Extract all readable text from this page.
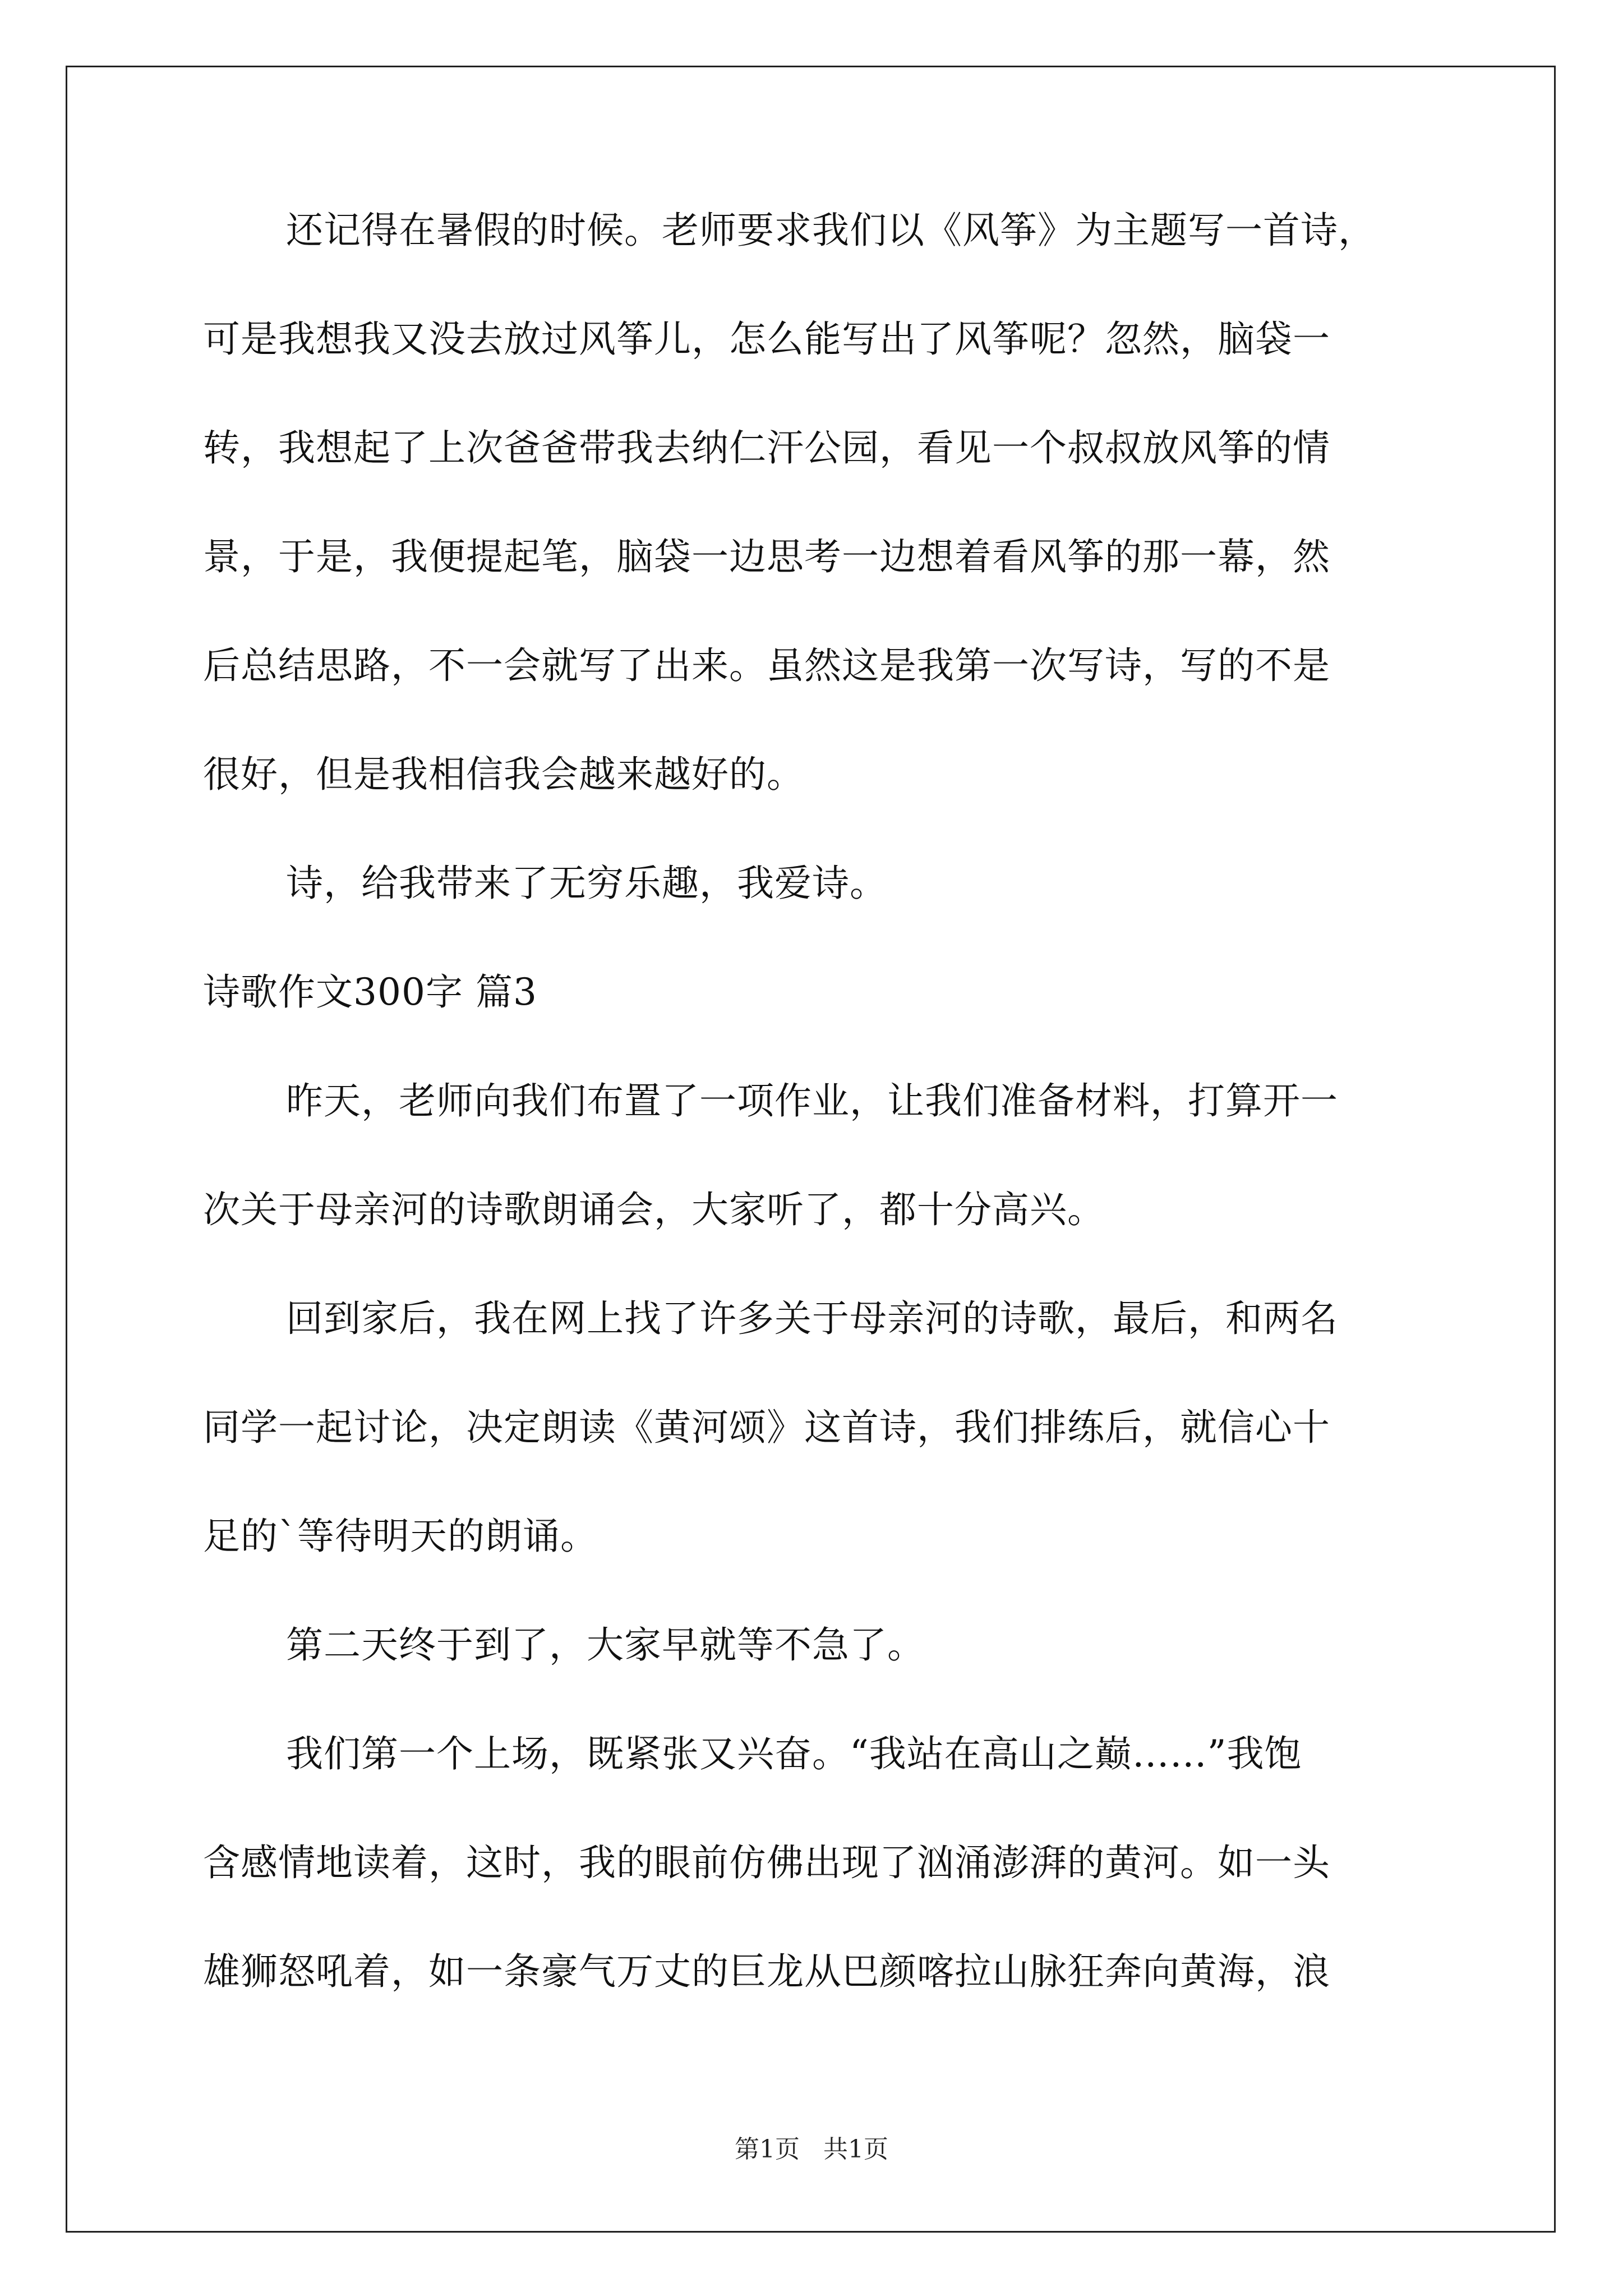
还记得在暑假的时候。老师要求我们以《风筝》为主题写一首诗，
可是我想我又没去放过风筝儿，怎么能写出了风筝呢？忽然，脑袋一
转，我想起了上次爸爸带我去纳仁汗公园，看见一个叔叔放风筝的情
景，于是，我便提起笔，脑袋一边思考一边想着看风筝的那一幕，然
后总结思路，不一会就写了出来。虽然这是我第一次写诗，写的不是
很好，但是我相信我会越来越好的。
诗，给我带来了无穷乐趣，我爱诗。
诗歌作文300字 篇3
昨天，老师向我们布置了一项作业，让我们准备材料，打算开一
次关于母亲河的诗歌朗诵会，大家听了，都十分高兴。
回到家后，我在网上找了许多关于母亲河的诗歌，最后，和两名
同学一起讨论，决定朗读《黄河颂》这首诗，我们排练后，就信心十
足的`等待明天的朗诵。
第二天终于到了，大家早就等不急了。
我们第一个上场，既紧张又兴奋。“我站在高山之巅……”我饱
含感情地读着，这时，我的眼前仿佛出现了汹涌澎湃的黄河。如一头
雄狮怒吼着，如一条豪气万丈的巨龙从巴颜喀拉山脉狂奔向黄海，浪
第1页   共1页
